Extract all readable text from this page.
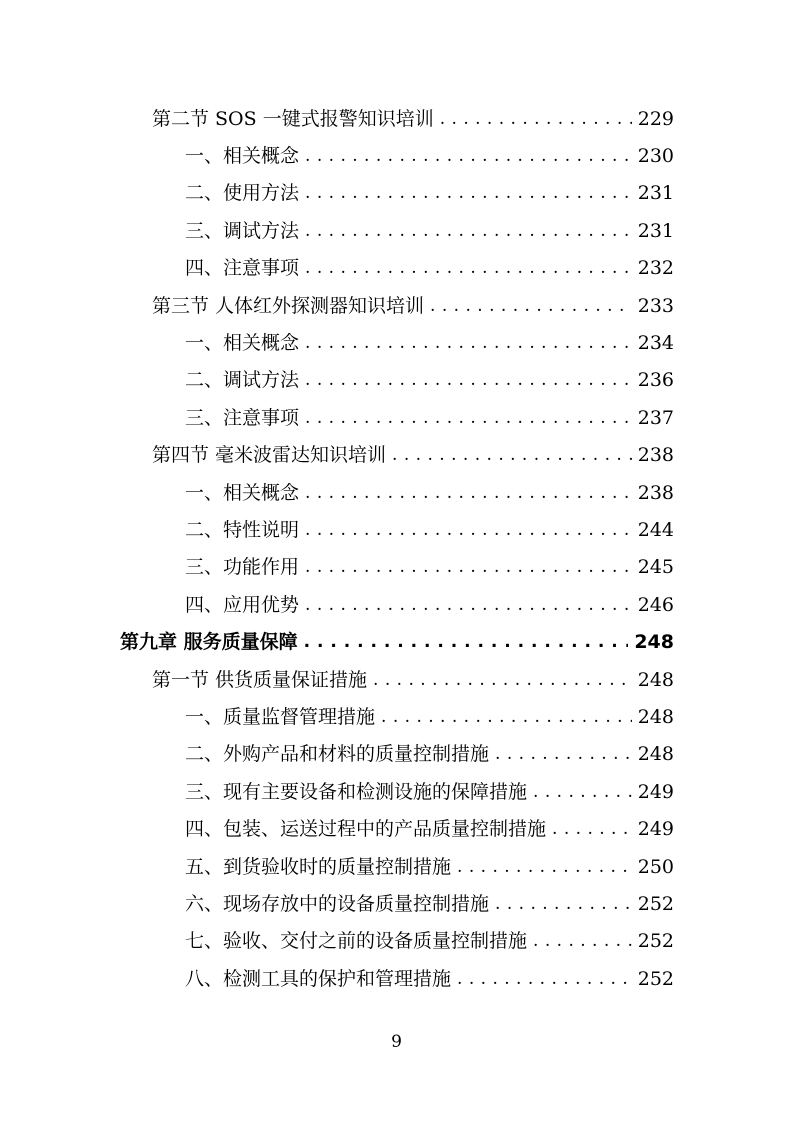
第二节 SOS 一键式报警知识培训 . . .	229
一、相关概念 . . .	230
二、使用方法 . . .	231
三、调试方法 . . .	231
四、注意事项 . . .	232
第三节 人体红外探测器知识培训 . . .	233
一、相关概念 . . .	234
二、调试方法 . . .	236
三、注意事项 . . .	237
第四节 毫米波雷达知识培训 . . .	238
一、相关概念 . . .	238
二、特性说明 . . .	244
三、功能作用 . . .	245
四、应用优势 . . .	246
第九章 服务质量保障 . . .	248
第一节 供货质量保证措施 . . .	248
一、质量监督管理措施 . . .	248
二、外购产品和材料的质量控制措施 . . .	248
三、现有主要设备和检测设施的保障措施 . . .	249
四、包装、运送过程中的产品质量控制措施 . . .	249
五、到货验收时的质量控制措施 . . .	250
六、现场存放中的设备质量控制措施 . . .	252
七、验收、交付之前的设备质量控制措施 . . .	252
八、检测工具的保护和管理措施 . . .	252
9
